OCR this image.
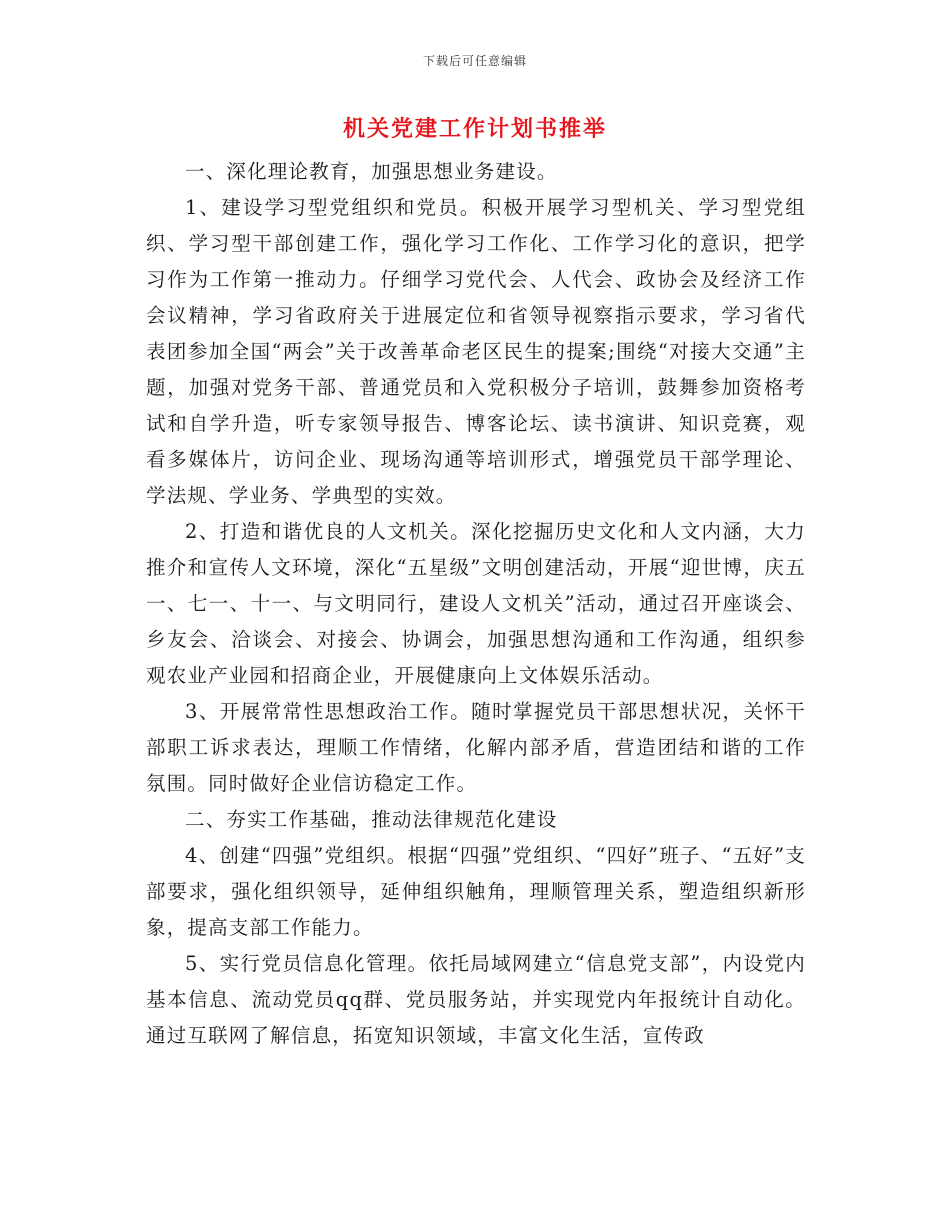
下载后可任意编辑
机关党建工作计划书推举

一、深化理论教育，加强思想业务建设。

1、建设学习型党组织和党员。积极开展学习型机关、学习型党组织、学习型干部创建工作，强化学习工作化、工作学习化的意识，把学习作为工作第一推动力。仔细学习党代会、人代会、政协会及经济工作会议精神，学习省政府关于进展定位和省领导视察指示要求，学习省代表团参加全国“两会”关于改善革命老区民生的提案;围绕“对接大交通”主题，加强对党务干部、普通党员和入党积极分子培训，鼓舞参加资格考试和自学升造，听专家领导报告、博客论坛、读书演讲、知识竞赛，观看多媒体片，访问企业、现场沟通等培训形式，增强党员干部学理论、学法规、学业务、学典型的实效。

2、打造和谐优良的人文机关。深化挖掘历史文化和人文内涵，大力推介和宣传人文环境，深化“五星级”文明创建活动，开展“迎世博，庆五一、七一、十一、与文明同行，建设人文机关”活动，通过召开座谈会、乡友会、洽谈会、对接会、协调会，加强思想沟通和工作沟通，组织参观农业产业园和招商企业，开展健康向上文体娱乐活动。

3、开展常常性思想政治工作。随时掌握党员干部思想状况，关怀干部职工诉求表达，理顺工作情绪，化解内部矛盾，营造团结和谐的工作氛围。同时做好企业信访稳定工作。

二、夯实工作基础，推动法律规范化建设

4、创建“四强”党组织。根据“四强”党组织、“四好”班子、“五好”支部要求，强化组织领导，延伸组织触角，理顺管理关系，塑造组织新形象，提高支部工作能力。

5、实行党员信息化管理。依托局域网建立“信息党支部”，内设党内基本信息、流动党员qq群、党员服务站，并实现党内年报统计自动化。通过互联网了解信息，拓宽知识领域，丰富文化生活，宣传政
